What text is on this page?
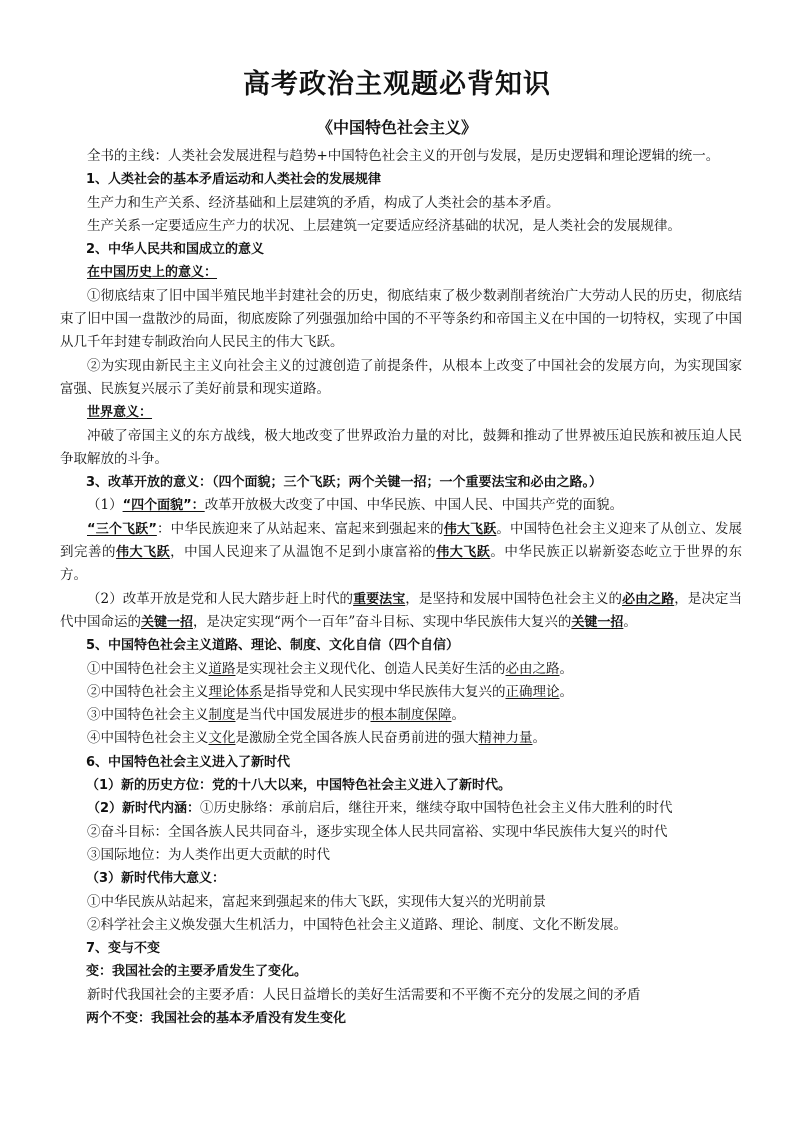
高考政治主观题必背知识
《中国特色社会主义》

全书的主线：人类社会发展进程与趋势+中国特色社会主义的开创与发展，是历史逻辑和理论逻辑的统一。

1、人类社会的基本矛盾运动和人类社会的发展规律

生产力和生产关系、经济基础和上层建筑的矛盾，构成了人类社会的基本矛盾。

生产关系一定要适应生产力的状况、上层建筑一定要适应经济基础的状况，是人类社会的发展规律。

2、中华人民共和国成立的意义

在中国历史上的意义：

①彻底结束了旧中国半殖民地半封建社会的历史，彻底结束了极少数剥削者统治广大劳动人民的历史，彻底结束了旧中国一盘散沙的局面，彻底废除了列强强加给中国的不平等条约和帝国主义在中国的一切特权，实现了中国从几千年封建专制政治向人民民主的伟大飞跃。

②为实现由新民主主义向社会主义的过渡创造了前提条件，从根本上改变了中国社会的发展方向，为实现国家富强、民族复兴展示了美好前景和现实道路。

世界意义：

冲破了帝国主义的东方战线，极大地改变了世界政治力量的对比，鼓舞和推动了世界被压迫民族和被压迫人民争取解放的斗争。

3、改革开放的意义：（四个面貌；三个飞跃；两个关键一招；一个重要法宝和必由之路。）

（1）“四个面貌”：改革开放极大改变了中国、中华民族、中国人民、中国共产党的面貌。

“三个飞跃”：中华民族迎来了从站起来、富起来到强起来的伟大飞跃。中国特色社会主义迎来了从创立、发展到完善的伟大飞跃，中国人民迎来了从温饱不足到小康富裕的伟大飞跃。中华民族正以崭新姿态屹立于世界的东方。

（2）改革开放是党和人民大踏步赶上时代的重要法宝，是坚持和发展中国特色社会主义的必由之路，是决定当代中国命运的关键一招，是决定实现“两个一百年”奋斗目标、实现中华民族伟大复兴的关键一招。

5、中国特色社会主义道路、理论、制度、文化自信（四个自信）

①中国特色社会主义道路是实现社会主义现代化、创造人民美好生活的必由之路。

②中国特色社会主义理论体系是指导党和人民实现中华民族伟大复兴的正确理论。

③中国特色社会主义制度是当代中国发展进步的根本制度保障。

④中国特色社会主义文化是激励全党全国各族人民奋勇前进的强大精神力量。

6、中国特色社会主义进入了新时代

（1）新的历史方位：党的十八大以来，中国特色社会主义进入了新时代。

（2）新时代内涵：①历史脉络：承前启后，继往开来，继续夺取中国特色社会主义伟大胜利的时代

②奋斗目标：全国各族人民共同奋斗，逐步实现全体人民共同富裕、实现中华民族伟大复兴的时代

③国际地位：为人类作出更大贡献的时代

（3）新时代伟大意义：

①中华民族从站起来，富起来到强起来的伟大飞跃，实现伟大复兴的光明前景

②科学社会主义焕发强大生机活力，中国特色社会主义道路、理论、制度、文化不断发展。

7、变与不变

变：我国社会的主要矛盾发生了变化。

新时代我国社会的主要矛盾：人民日益增长的美好生活需要和不平衡不充分的发展之间的矛盾

两个不变：我国社会的基本矛盾没有发生变化
